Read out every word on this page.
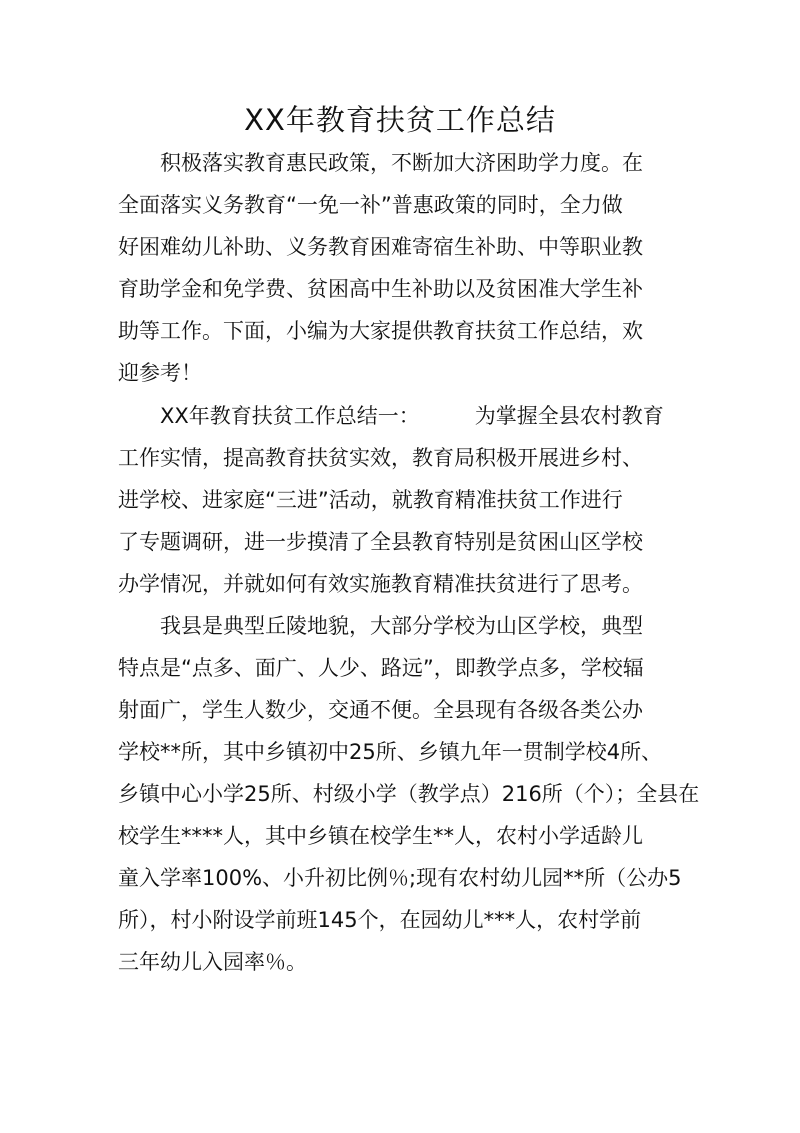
XX年教育扶贫工作总结
积极落实教育惠民政策，不断加大济困助学力度。在
全面落实义务教育“一免一补”普惠政策的同时，全力做
好困难幼儿补助、义务教育困难寄宿生补助、中等职业教
育助学金和免学费、贫困高中生补助以及贫困准大学生补
助等工作。下面，小编为大家提供教育扶贫工作总结，欢
迎参考！
XX年教育扶贫工作总结一：	为掌握全县农村教育
工作实情，提高教育扶贫实效，教育局积极开展进乡村、
进学校、进家庭“三进”活动，就教育精准扶贫工作进行
了专题调研，进一步摸清了全县教育特别是贫困山区学校
办学情况，并就如何有效实施教育精准扶贫进行了思考。
我县是典型丘陵地貌，大部分学校为山区学校，典型
特点是“点多、面广、人少、路远”，即教学点多，学校辐
射面广，学生人数少，交通不便。全县现有各级各类公办
学校**所，其中乡镇初中25所、乡镇九年一贯制学校4所、
乡镇中心小学25所、村级小学（教学点）216所（个）；全县在
校学生****人，其中乡镇在校学生**人，农村小学适龄儿
童入学率100%、小升初比例％;现有农村幼儿园**所（公办5
所），村小附设学前班145个，在园幼儿***人，农村学前
三年幼儿入园率％。
